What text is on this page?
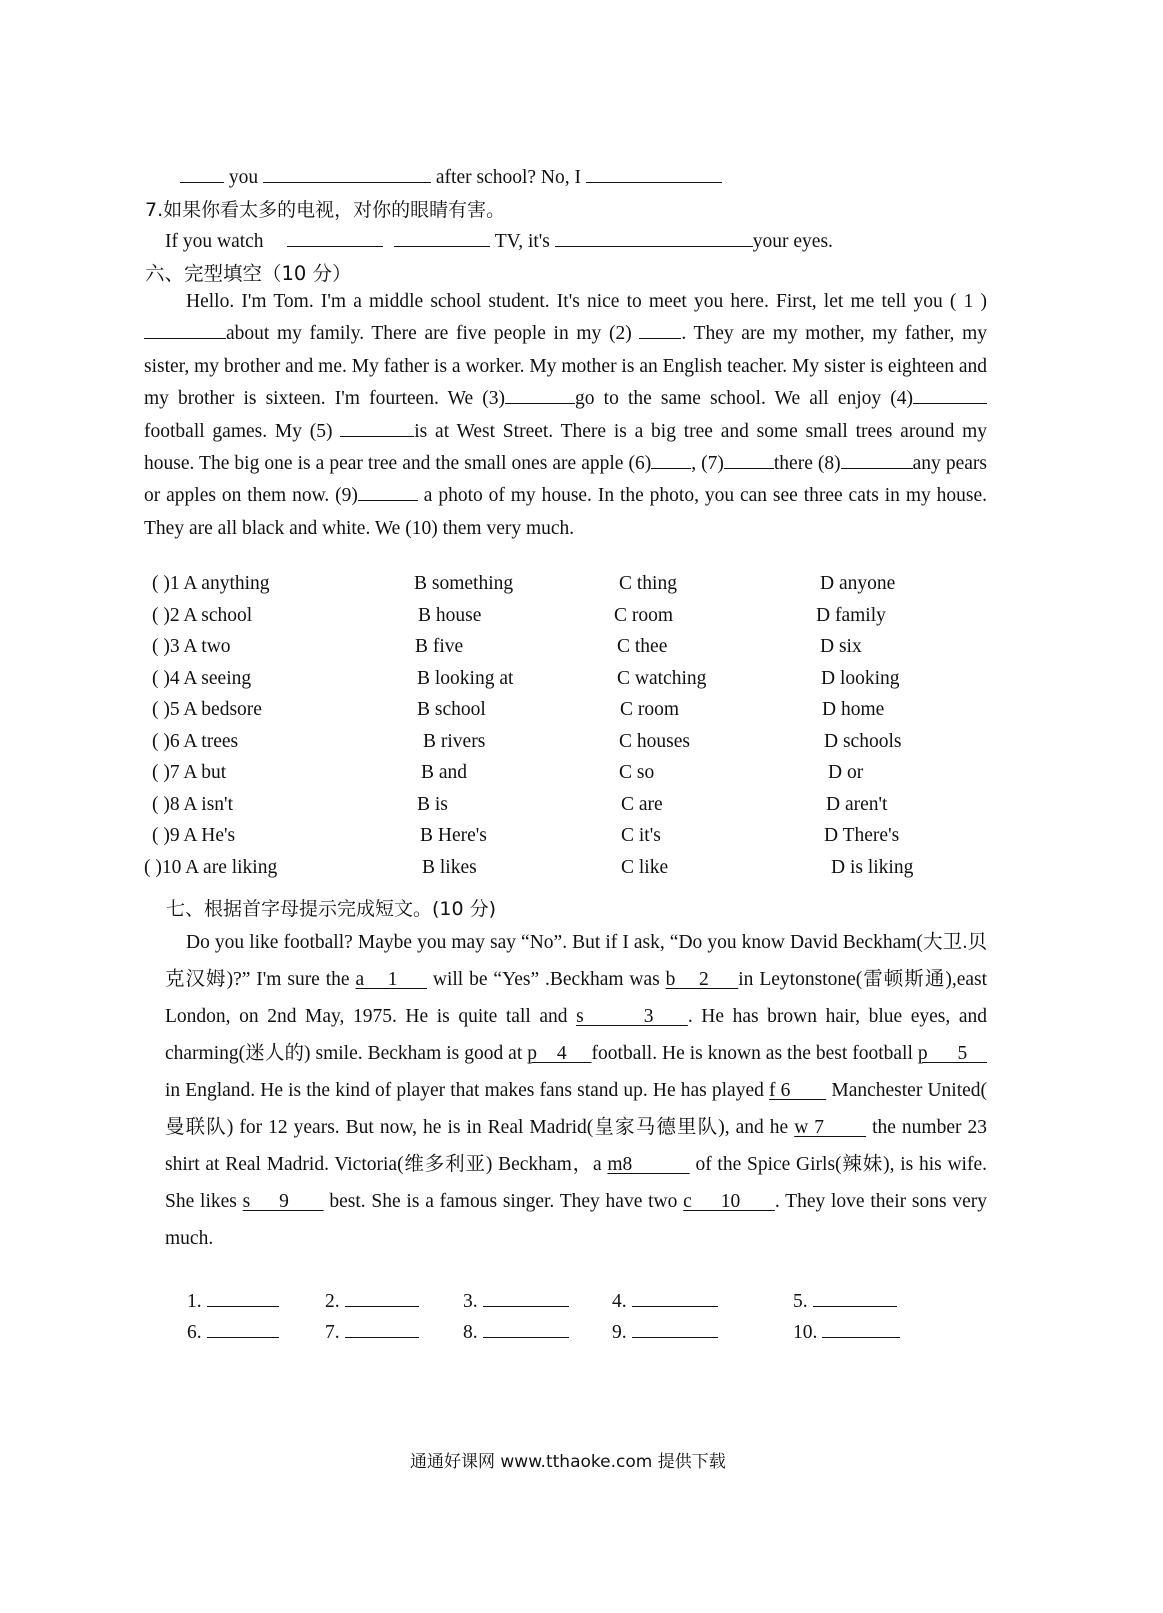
you	after school? No, I
7.如果你看太多的电视，对你的眼睛有害。
If you watch	TV, it's	your eyes.
六、完型填空（10 分）
Hello. I'm Tom. I'm a middle school student. It's nice to meet you here. First, let me tell you ( 1 )about my family. There are five people in my (2) . They are my mother, my father, my sister, my brother and me. My father is a worker. My mother is an English teacher. My sister is eighteen and my brother is sixteen. I'm fourteen. We (3)	go to the same school. We all enjoy (4) football games. My (5)	is at West Street. There is a big tree and some small trees around my house. The big one is a pear tree and the small ones are apple (6) , (7)	there (8)	any pears or apples on them now. (9)	a photo of my house. In the photo, you can see three cats in my house. They are all black and white. We (10) them very much.
( )1 A anything	B something	C thing	D anyone
( )2 A school	B house	C room	D family
( )3 A two	B five	C thee	D six
( )4 A seeing	B looking at	C watching	D looking
( )5 A bedsore	B school	C room	D home
( )6 A trees	B rivers	C houses	D schools
( )7 A but	B and	C so	D or
( )8 A isn't	B is	C are	D aren't
( )9 A He's	B Here's	C it's	D There's
( )10 A are liking	B likes	C like	D is liking
七、根据首字母提示完成短文。(10 分)
Do you like football? Maybe you may say “No”. But if I ask, “Do you know David Beckham(大卫.贝克汉姆)?” I'm sure the a    1      will be “Yes” .Beckham was b    2     in Leytonstone(雷顿斯通),east London, on 2nd May, 1975. He is quite tall and s       3    . He has brown hair, blue eyes, and charming(迷人的) smile. Beckham is good at p    4     football. He is known as the best football p      5     in England. He is the kind of player that makes fans stand up. He has played f 6        Manchester United( 曼联队) for 12 years. But now, he is in Real Madrid(皇家马德里队), and he w 7        the number 23 shirt at Real Madrid. Victoria(维多利亚) Beckham，a m8           of the Spice Girls(辣妹), is his wife. She likes s     9       best. She is a famous singer. They have two c     10      . They love their sons very much.
1.	2.	3.	4.	5.
6.	7.	8.	9.	10.
通通好课网 www.tthaoke.com 提供下载
